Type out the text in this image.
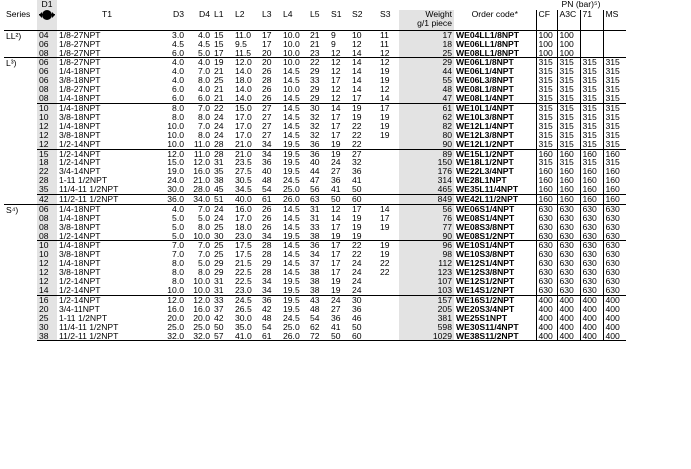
	D1														PN (bar)⁵)			
Series		T1	D3	D4	L1	L2	L3	L4	L5	S1	S2	S3	Weight
g/1 piece	Order code*	CF	A3C	71	MS
LL²)	04	1/8-27NPT	3.0	4.0	15	11.0	17	10.0	21	9	10	11	17	WE04LL1/8NPT	100	100		
	06	1/8-27NPT	4.5	4.5	15	9.5	17	10.0	21	9	12	11	18	WE06LL1/8NPT	100	100		
	08	1/8-27NPT	6.0	5.0	17	11.5	20	10.0	23	12	14	12	25	WE08LL1/8NPT	100	100		
L³)	06	1/8-27NPT	4.0	4.0	19	12.0	20	10.0	22	12	14	12	29	WE06L1/8NPT	315	315	315	315
	06	1/4-18NPT	4.0	7.0	21	14.0	26	14.5	29	12	14	19	44	WE06L1/4NPT	315	315	315	315
	06	3/8-18NPT	4.0	8.0	25	18.0	28	14.5	33	17	14	19	55	WE06L3/8NPT	315	315	315	315
	08	1/8-27NPT	6.0	4.0	21	14.0	26	10.0	29	12	14	12	48	WE08L1/8NPT	315	315	315	315
	08	1/4-18NPT	6.0	6.0	21	14.0	26	14.5	29	12	17	14	47	WE08L1/4NPT	315	315	315	315
	10	1/4-18NPT	8.0	7.0	22	15.0	27	14.5	30	14	19	17	61	WE10L1/4NPT	315	315	315	315
	10	3/8-18NPT	8.0	8.0	24	17.0	27	14.5	32	17	19	19	62	WE10L3/8NPT	315	315	315	315
	12	1/4-18NPT	10.0	7.0	24	17.0	27	14.5	32	17	22	19	82	WE12L1/4NPT	315	315	315	315
	12	3/8-18NPT	10.0	8.0	24	17.0	27	14.5	32	17	22	19	80	WE12L3/8NPT	315	315	315	315
	12	1/2-14NPT	10.0	11.0	28	21.0	34	19.5	36	19	22		90	WE12L1/2NPT	315	315	315	315
	15	1/2-14NPT	12.0	11.0	28	21.0	34	19.5	36	19	27		89	WE15L1/2NPT	160	160	160	160
	18	1/2-14NPT	15.0	12.0	31	23.5	36	19.5	40	24	32		150	WE18L1/2NPT	315	315	315	315
	22	3/4-14NPT	19.0	16.0	35	27.5	40	19.5	44	27	36		176	WE22L3/4NPT	160	160	160	160
	28	1-11 1/2NPT	24.0	21.0	38	30.5	48	24.5	47	36	41		314	WE28L1NPT	160	160	160	160
	35	11/4-11 1/2NPT	30.0	28.0	45	34.5	54	25.0	56	41	50		465	WE35L11/4NPT	160	160	160	160
	42	11/2-11 1/2NPT	36.0	34.0	51	40.0	61	26.0	63	50	60		849	WE42L11/2NPT	160	160	160	160
S⁴)	06	1/4-18NPT	4.0	7.0	24	16.0	26	14.5	31	12	17	14	56	WE06S1/4NPT	630	630	630	630
	08	1/4-18NPT	5.0	5.0	24	17.0	26	14.5	31	14	19	17	76	WE08S1/4NPT	630	630	630	630
	08	3/8-18NPT	5.0	8.0	25	18.0	26	14.5	33	17	19	19	77	WE08S3/8NPT	630	630	630	630
	08	1/2-14NPT	5.0	10.0	30	23.0	34	19.5	38	19	19		90	WE08S1/2NPT	630	630	630	630
	10	1/4-18NPT	7.0	7.0	25	17.5	28	14.5	36	17	22	19	96	WE10S1/4NPT	630	630	630	630
	10	3/8-18NPT	7.0	7.0	25	17.5	28	14.5	34	17	22	19	98	WE10S3/8NPT	630	630	630	630
	12	1/4-18NPT	8.0	5.0	29	21.5	29	14.5	37	17	24	22	112	WE12S1/4NPT	630	630	630	630
	12	3/8-18NPT	8.0	8.0	29	22.5	28	14.5	38	17	24	22	123	WE12S3/8NPT	630	630	630	630
	12	1/2-14NPT	8.0	10.0	31	22.5	34	19.5	38	19	24		107	WE12S1/2NPT	630	630	630	630
	14	1/2-14NPT	10.0	10.0	31	23.0	34	19.5	38	19	24		103	WE14S1/2NPT	630	630	630	630
	16	1/2-14NPT	12.0	12.0	33	24.5	36	19.5	43	24	30		157	WE16S1/2NPT	400	400	400	400
	20	3/4-11NPT	16.0	16.0	37	26.5	42	19.5	48	27	36		205	WE20S3/4NPT	400	400	400	400
	25	1-11 1/2NPT	20.0	20.0	42	30.0	48	24.5	54	36	46		381	WE25S1NPT	400	400	400	400
	30	11/4-11 1/2NPT	25.0	25.0	50	35.0	54	25.0	62	41	50		598	WE30S11/4NPT	400	400	400	400
	38	11/2-11 1/2NPT	32.0	32.0	57	41.0	61	26.0	72	50	60		1029	WE38S11/2NPT	400	400	400	400
